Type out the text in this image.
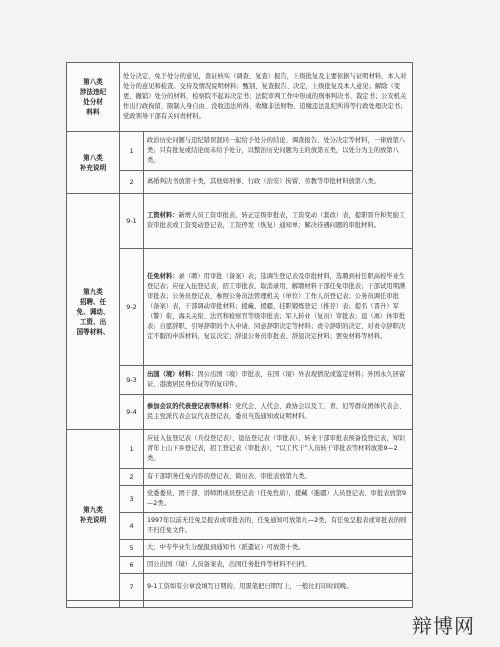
第八类
涉法违纪
处分材
料料	处分决定、免于处分的意见，查证核实（调查、复查）报告，上级批复及主要依据与证明材料，本人对处分的意见和检查。交待及情况说明材料；甄别、复查报告、决定，上级批复及本人意见；解除（变更、撤销）处分的材料，检察院不起诉决定书；法院审判工作中形成的刑事判决书、裁定书；公安机关作出行政拘留、限制人身自由、没收违法所得、收缴非法财物、追缴违法乱纪所得等行政处理决定书；党政领导干部有关问责材料。	
第八类
补充说明	1	政治历史问题与违纪错误混同一起给予处分的结论、调查报告、处分决定等材料，一律放第八类；只有批复或结论而未给予处分，以整治历史问题为主的放第五类，以处分为主的放第八类。
	2	离婚判决书放第十类，其他如刑事、行政（治安）拘留、劳教等审批材料放第八类。
第九类
招聘、任
免、调动、
工资、出
国等材料、	9-1	工资材料：新增人员工资审批表，转正定级审批表，工资变动（套改）表，提职晋升和奖励工资审批表或工资变动登记表，工资停发（恢复）通知单；解决待遇问题的审批材料。
	9-2	任免材料：录（聘）用审批（备案）表；选调生登记表及审批材料，选聘到村任职高校毕业生登记表；应征入伍登记表，招工审批表，取消录用、解聘材料干部任免审批表；干部试用期满审批表；公务员登记表，参照公务员法管理机关（单位）工作人员登记表；公务员调任审批（备案）表，干部调动审批材料；援藏、援疆、挂职锻炼登记（推荐）表；提名（晋升）军（警）衔，海关关衔、法官和检察官等级审批表；军人转业（复员）审批表；退（离）休审批表；自愿辞职、引导辞职的个人申请、同意辞职决定等材料；责令辞职的决定，对责令辞职决定不服的申诉材料，复议决定；辞退公务员审批表、辞退决定材料；罢免材料等材料。
	9-3	出国（境）材料：因公出国（境）审批表，在国（境）外表现情况或鉴定材料；外国永久居留证、港澳居民身份证等的复印件。
	9-4	参加会议的代表登记表等材料：党代会、人代会、政协会以及工、青、妇等群众团体代表会、民主党派代表会议代表登记表，委员当选通知或证明材料。
第九类
补充说明	1	应征入伍登记表（兵役登记表）、退伍登记表（审批表），转业干部审批表预备役登记表，知识青年上山下乡登记表，招工登记表（审批表），“以工代干”人员转干审批表等材料放第9—2类。
	2	有干部职务任免内容的登记表、简历表、审批表放第九类。
	3	党委委员、团干部、讲师团成员登记表（任免性质），援藏（進疆）人员登记表、审批表放第9—2类。
	4	1997年以前无任免呈报表或审批表的，任免通知可放第九—2类，有任免呈报表或审批表的则不归任免文件。
	5	大、中专毕业生分配报到通知书（派遣证）可放第十类。
	6	因公出国（境）人员备案表，出国任务批件等材料不归档。
	7	9-1工资如有公章没填写日期的，用黑笔把日期写上，一般比打印时间晚。

辩博网
